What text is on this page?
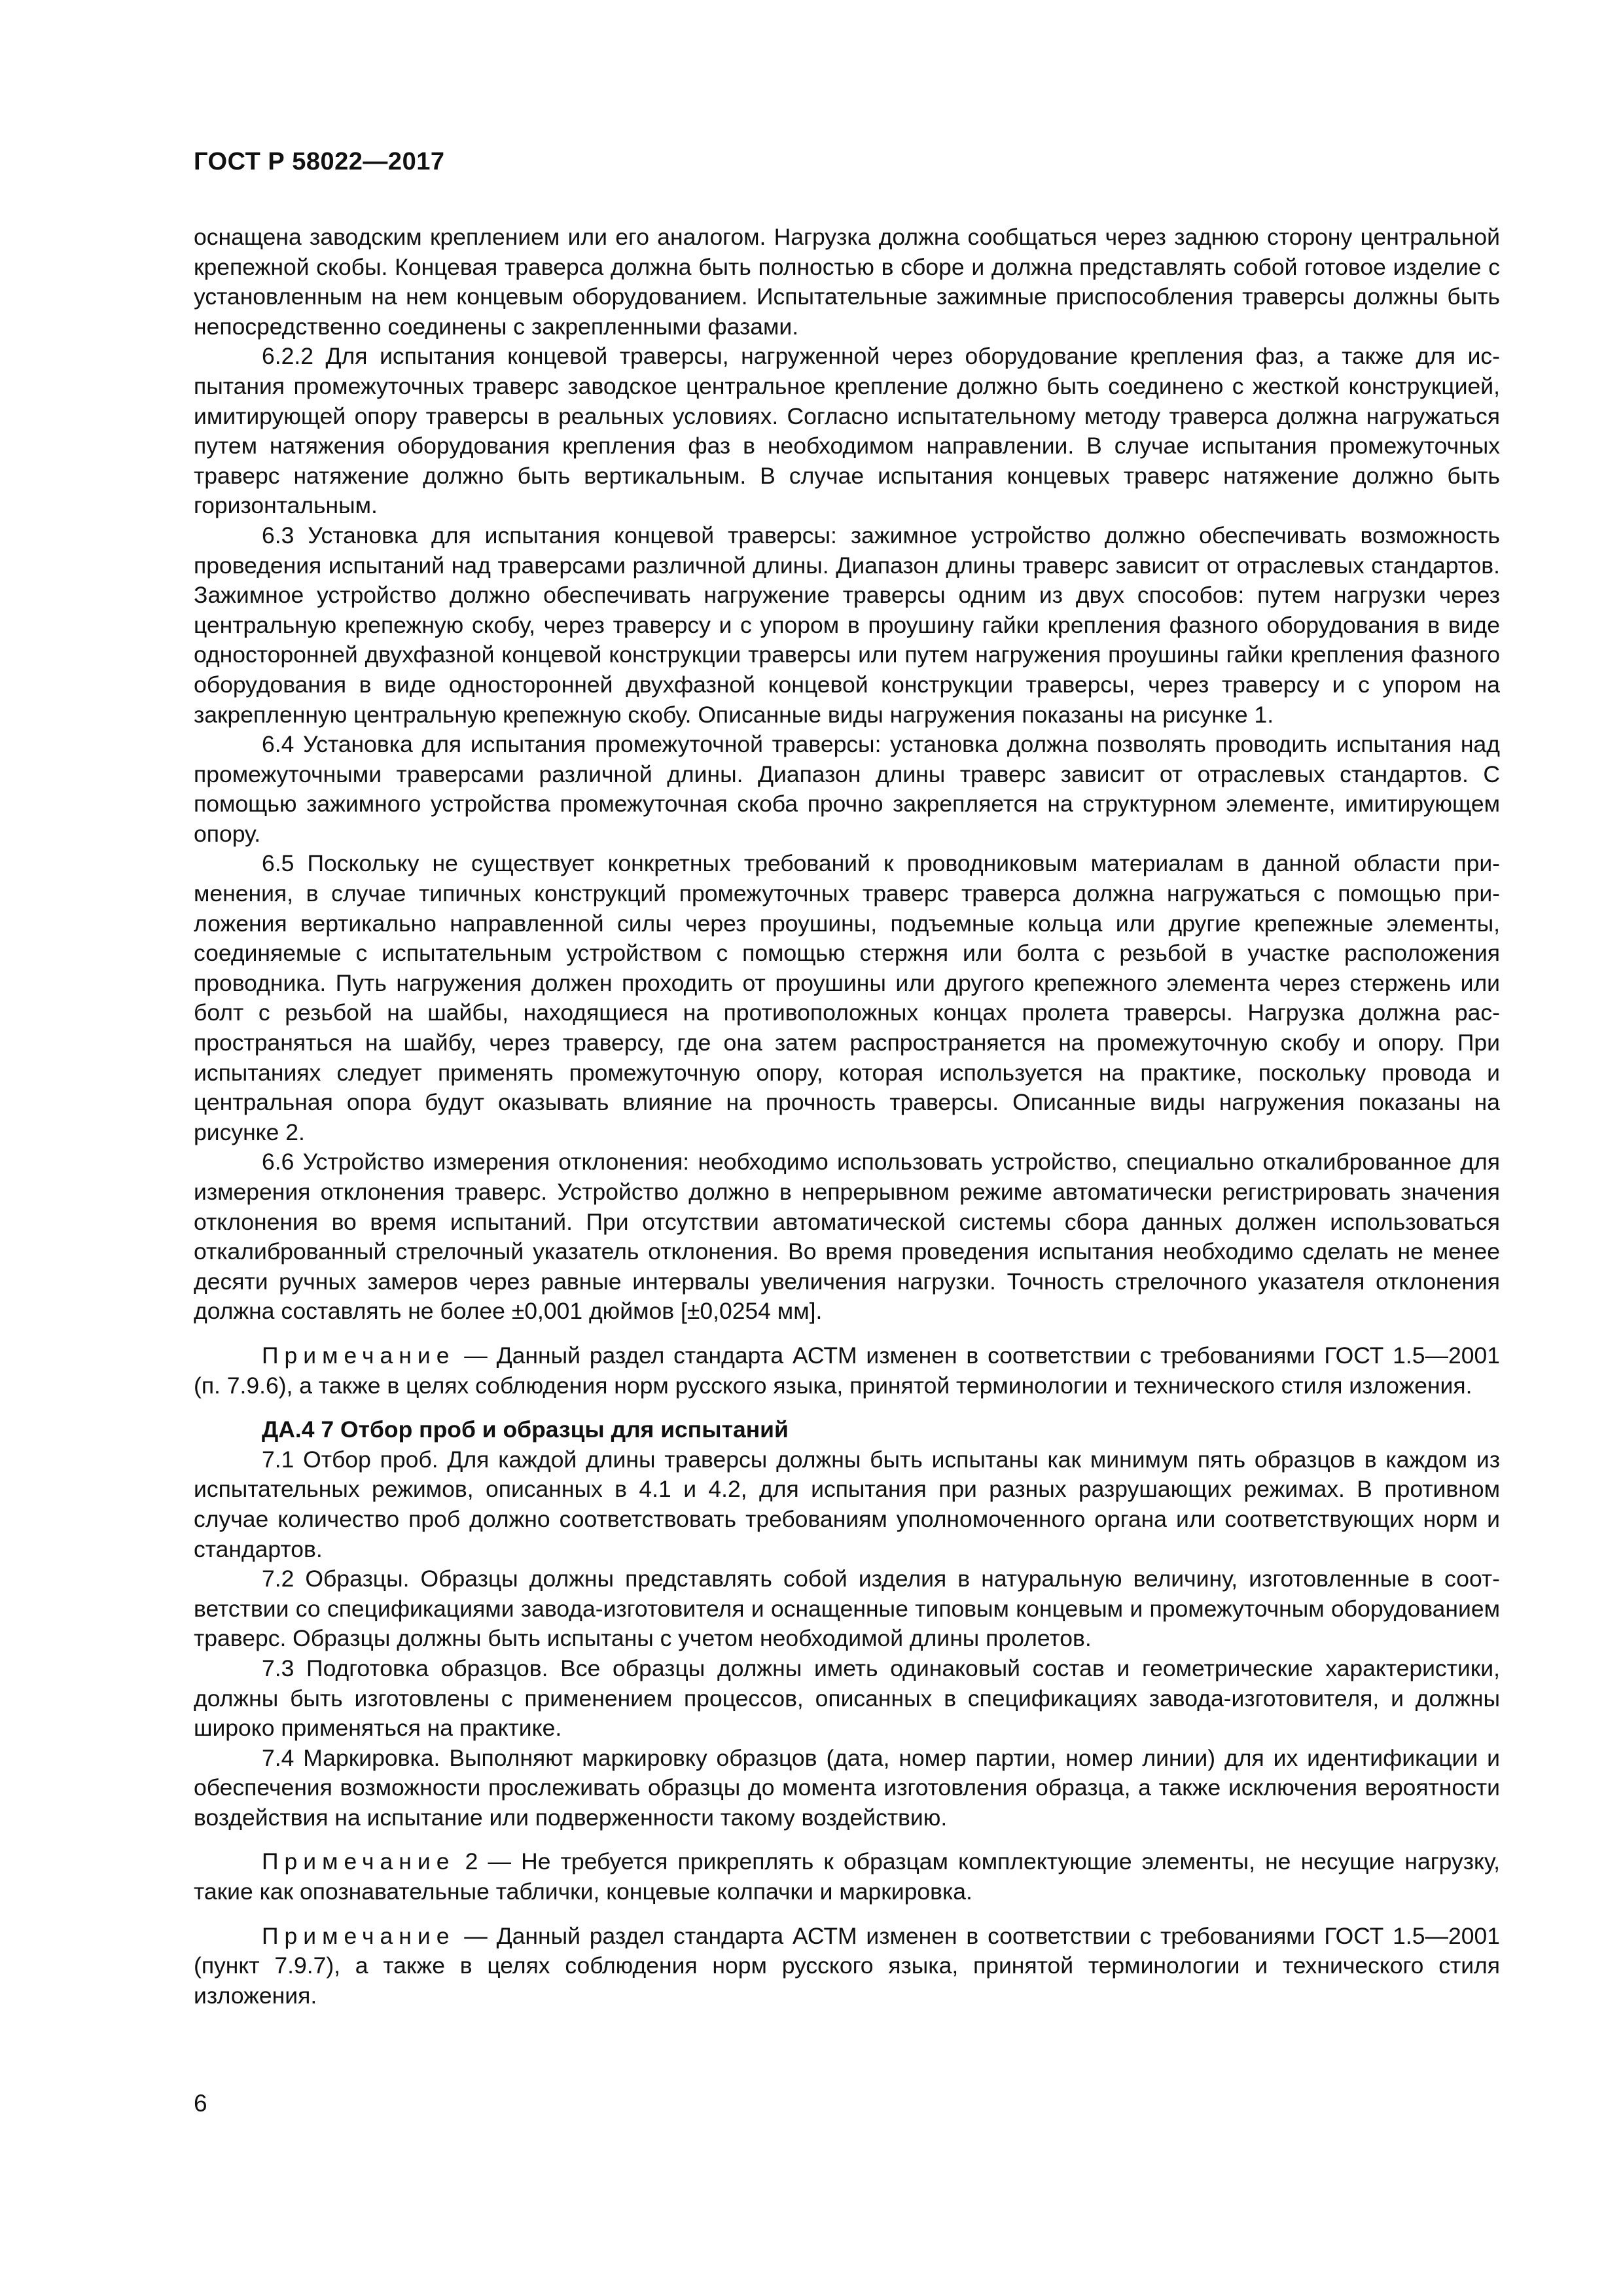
ГОСТ Р 58022—2017

оснащена заводским креплением или его аналогом. Нагрузка должна сообщаться через заднюю сторону центральной крепежной скобы. Концевая траверса должна быть полностью в сборе и должна представлять собой готовое изделие с установленным на нем концевым оборудованием. Испытательные зажимные приспособления траверсы должны быть непосредственно соединены с закрепленными фазами.

6.2.2 Для испытания концевой траверсы, нагруженной через оборудование крепления фаз, а также для испытания промежуточных траверс заводское центральное крепление должно быть соединено с жесткой конструкцией, имитирующей опору траверсы в реальных условиях. Согласно испытательному методу траверса должна нагружаться путем натяжения оборудования крепления фаз в необходимом направлении. В случае испытания промежуточных траверс натяжение должно быть вертикальным. В случае испытания концевых траверс натяжение должно быть горизонтальным.

6.3 Установка для испытания концевой траверсы: зажимное устройство должно обеспечивать возможность проведения испытаний над траверсами различной длины. Диапазон длины траверс зависит от отраслевых стандартов. Зажимное устройство должно обеспечивать нагружение траверсы одним из двух способов: путем нагрузки через центральную крепежную скобу, через траверсу и с упором в проушину гайки крепления фазного оборудования в виде односторонней двухфазной концевой конструкции траверсы или путем нагружения проушины гайки крепления фазного оборудования в виде односторонней двухфазной концевой конструкции траверсы, через траверсу и с упором на закрепленную центральную крепежную скобу. Описанные виды нагружения показаны на рисунке 1.

6.4 Установка для испытания промежуточной траверсы: установка должна позволять проводить испытания над промежуточными траверсами различной длины. Диапазон длины траверс зависит от отраслевых стандартов. С помощью зажимного устройства промежуточная скоба прочно закрепляется на структурном элементе, имитирующем опору.

6.5 Поскольку не существует конкретных требований к проводниковым материалам в данной области применения, в случае типичных конструкций промежуточных траверс траверса должна нагружаться с помощью приложения вертикально направленной силы через проушины, подъемные кольца или другие крепежные элементы, соединяемые с испытательным устройством с помощью стержня или болта с резьбой в участке расположения проводника. Путь нагружения должен проходить от проушины или другого крепежного элемента через стержень или болт с резьбой на шайбы, находящиеся на противоположных концах пролета траверсы. Нагрузка должна распространяться на шайбу, через траверсу, где она затем распространяется на промежуточную скобу и опору. При испытаниях следует применять промежуточную опору, которая используется на практике, поскольку провода и центральная опора будут оказывать влияние на прочность траверсы. Описанные виды нагружения показаны на рисунке 2.

6.6 Устройство измерения отклонения: необходимо использовать устройство, специально откалиброванное для измерения отклонения траверс. Устройство должно в непрерывном режиме автоматически регистрировать значения отклонения во время испытаний. При отсутствии автоматической системы сбора данных должен использоваться откалиброванный стрелочный указатель отклонения. Во время проведения испытания необходимо сделать не менее десяти ручных замеров через равные интервалы увеличения нагрузки. Точность стрелочного указателя отклонения должна составлять не более ±0,001 дюймов [±0,0254 мм].

Примечание — Данный раздел стандарта АСТМ изменен в соответствии с требованиями ГОСТ 1.5—2001 (п. 7.9.6), а также в целях соблюдения норм русского языка, принятой терминологии и технического стиля изложения.

ДА.4 7 Отбор проб и образцы для испытаний

7.1 Отбор проб. Для каждой длины траверсы должны быть испытаны как минимум пять образцов в каждом из испытательных режимов, описанных в 4.1 и 4.2, для испытания при разных разрушающих режимах. В противном случае количество проб должно соответствовать требованиям уполномоченного органа или соответствующих норм и стандартов.

7.2 Образцы. Образцы должны представлять собой изделия в натуральную величину, изготовленные в соответствии со спецификациями завода-изготовителя и оснащенные типовым концевым и промежуточным оборудованием траверс. Образцы должны быть испытаны с учетом необходимой длины пролетов.

7.3 Подготовка образцов. Все образцы должны иметь одинаковый состав и геометрические характеристики, должны быть изготовлены с применением процессов, описанных в спецификациях завода-изготовителя, и должны широко применяться на практике.

7.4 Маркировка. Выполняют маркировку образцов (дата, номер партии, номер линии) для их идентификации и обеспечения возможности прослеживать образцы до момента изготовления образца, а также исключения вероятности воздействия на испытание или подверженности такому воздействию.

Примечание 2 — Не требуется прикреплять к образцам комплектующие элементы, не несущие нагрузку, такие как опознавательные таблички, концевые колпачки и маркировка.

Примечание — Данный раздел стандарта АСТМ изменен в соответствии с требованиями ГОСТ 1.5—2001 (пункт 7.9.7), а также в целях соблюдения норм русского языка, принятой терминологии и технического стиля изложения.

6
